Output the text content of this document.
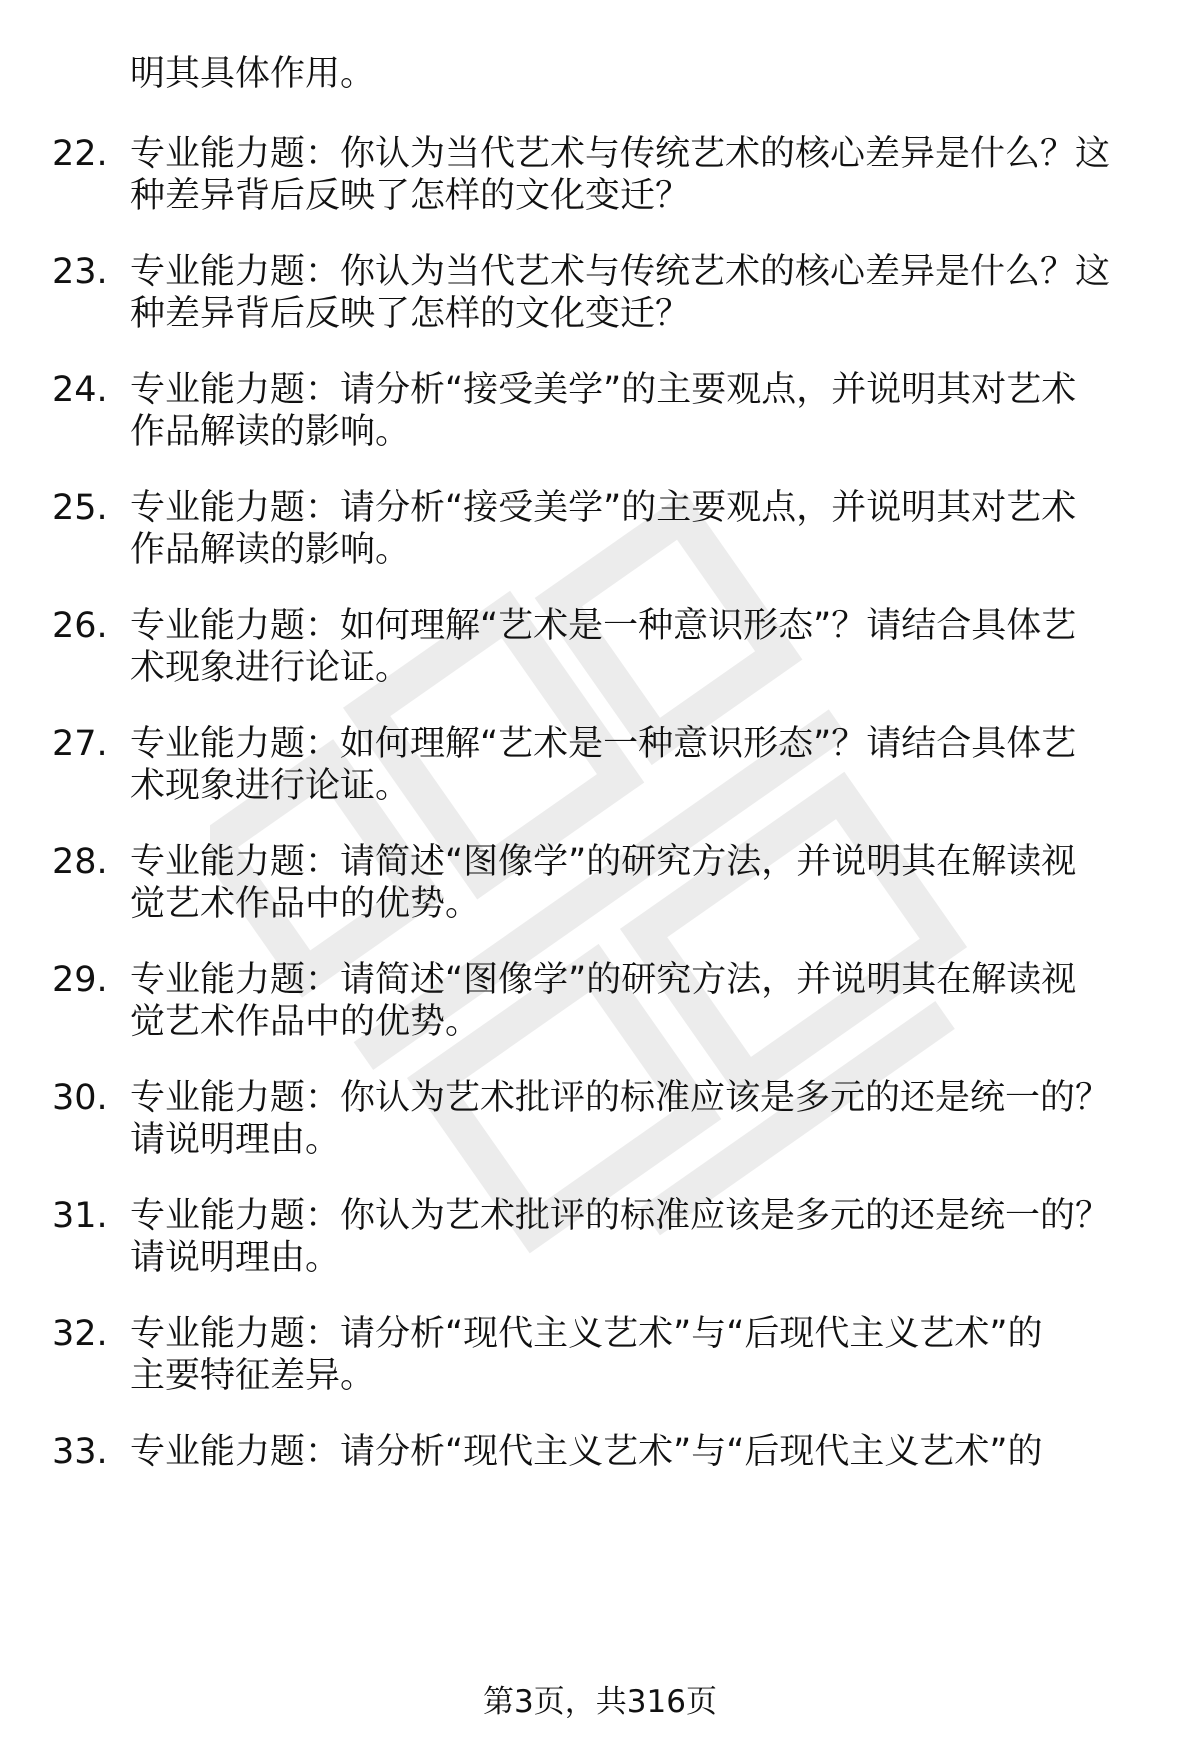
明其具体作用。
22. 专业能力题：你认为当代艺术与传统艺术的核心差异是什么？这
种差异背后反映了怎样的文化变迁？
23. 专业能力题：你认为当代艺术与传统艺术的核心差异是什么？这
种差异背后反映了怎样的文化变迁？
24. 专业能力题：请分析“接受美学”的主要观点，并说明其对艺术
作品解读的影响。
25. 专业能力题：请分析“接受美学”的主要观点，并说明其对艺术
作品解读的影响。
26. 专业能力题：如何理解“艺术是一种意识形态”？请结合具体艺
术现象进行论证。
27. 专业能力题：如何理解“艺术是一种意识形态”？请结合具体艺
术现象进行论证。
28. 专业能力题：请简述“图像学”的研究方法，并说明其在解读视
觉艺术作品中的优势。
29. 专业能力题：请简述“图像学”的研究方法，并说明其在解读视
觉艺术作品中的优势。
30. 专业能力题：你认为艺术批评的标准应该是多元的还是统一的？
请说明理由。
31. 专业能力题：你认为艺术批评的标准应该是多元的还是统一的？
请说明理由。
32. 专业能力题：请分析“现代主义艺术”与“后现代主义艺术”的
主要特征差异。
33. 专业能力题：请分析“现代主义艺术”与“后现代主义艺术”的
第3页，共316页
